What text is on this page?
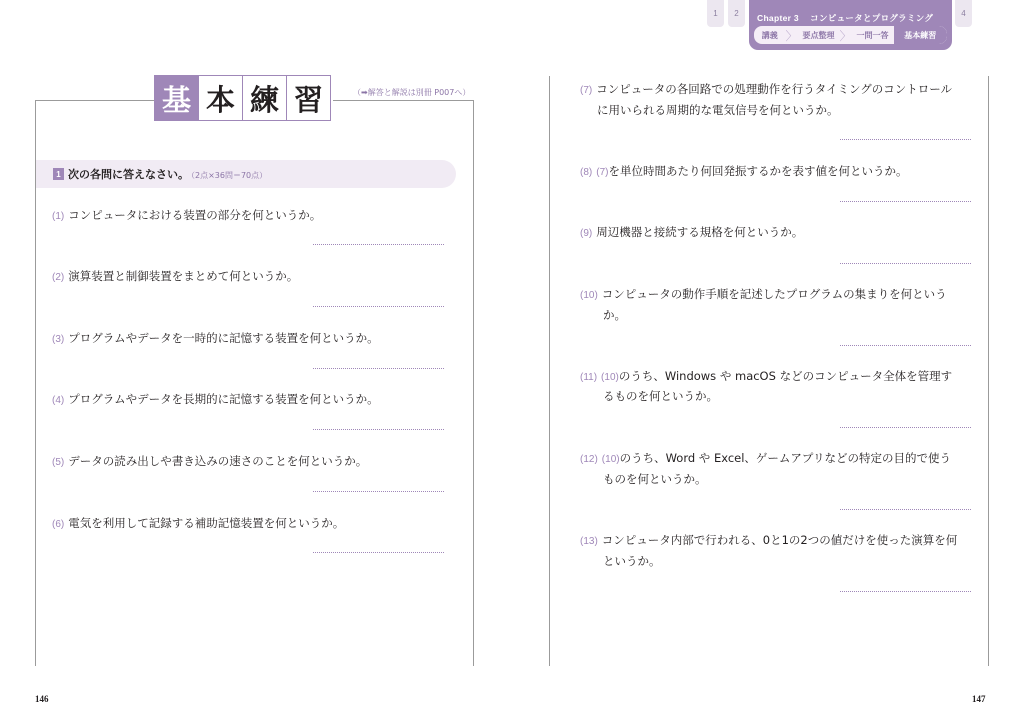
1	2	Chapter 3 コンピュータとプログラミング
講義 〉 要点整理 〉 一問一答	基本練習
4
基 本 練 習	（➡解答と解説は別冊 P007へ）
1 次の各問に答えなさい。 （2点×36問＝70点）
(1) コンピュータにおける装置の部分を何というか。
(2) 演算装置と制御装置をまとめて何というか。
(3) プログラムやデータを一時的に記憶する装置を何というか。
(4) プログラムやデータを長期的に記憶する装置を何というか。
(5) データの読み出しや書き込みの速さのことを何というか。
(6) 電気を利用して記録する補助記憶装置を何というか。
(7) コンピュータの各回路での処理動作を行うタイミングのコントロール
に用いられる周期的な電気信号を何というか。
(8) (7)を単位時間あたり何回発振するかを表す値を何というか。
(9) 周辺機器と接続する規格を何というか。
(10) コンピュータの動作手順を記述したプログラムの集まりを何という
か。
(11) (10)のうち、Windows や macOS などのコンピュータ全体を管理す
るものを何というか。
(12) (10)のうち、Word や Excel、ゲームアプリなどの特定の目的で使う
ものを何というか。
(13) コンピュータ内部で行われる、0と1の2つの値だけを使った演算を何
というか。
146	147
